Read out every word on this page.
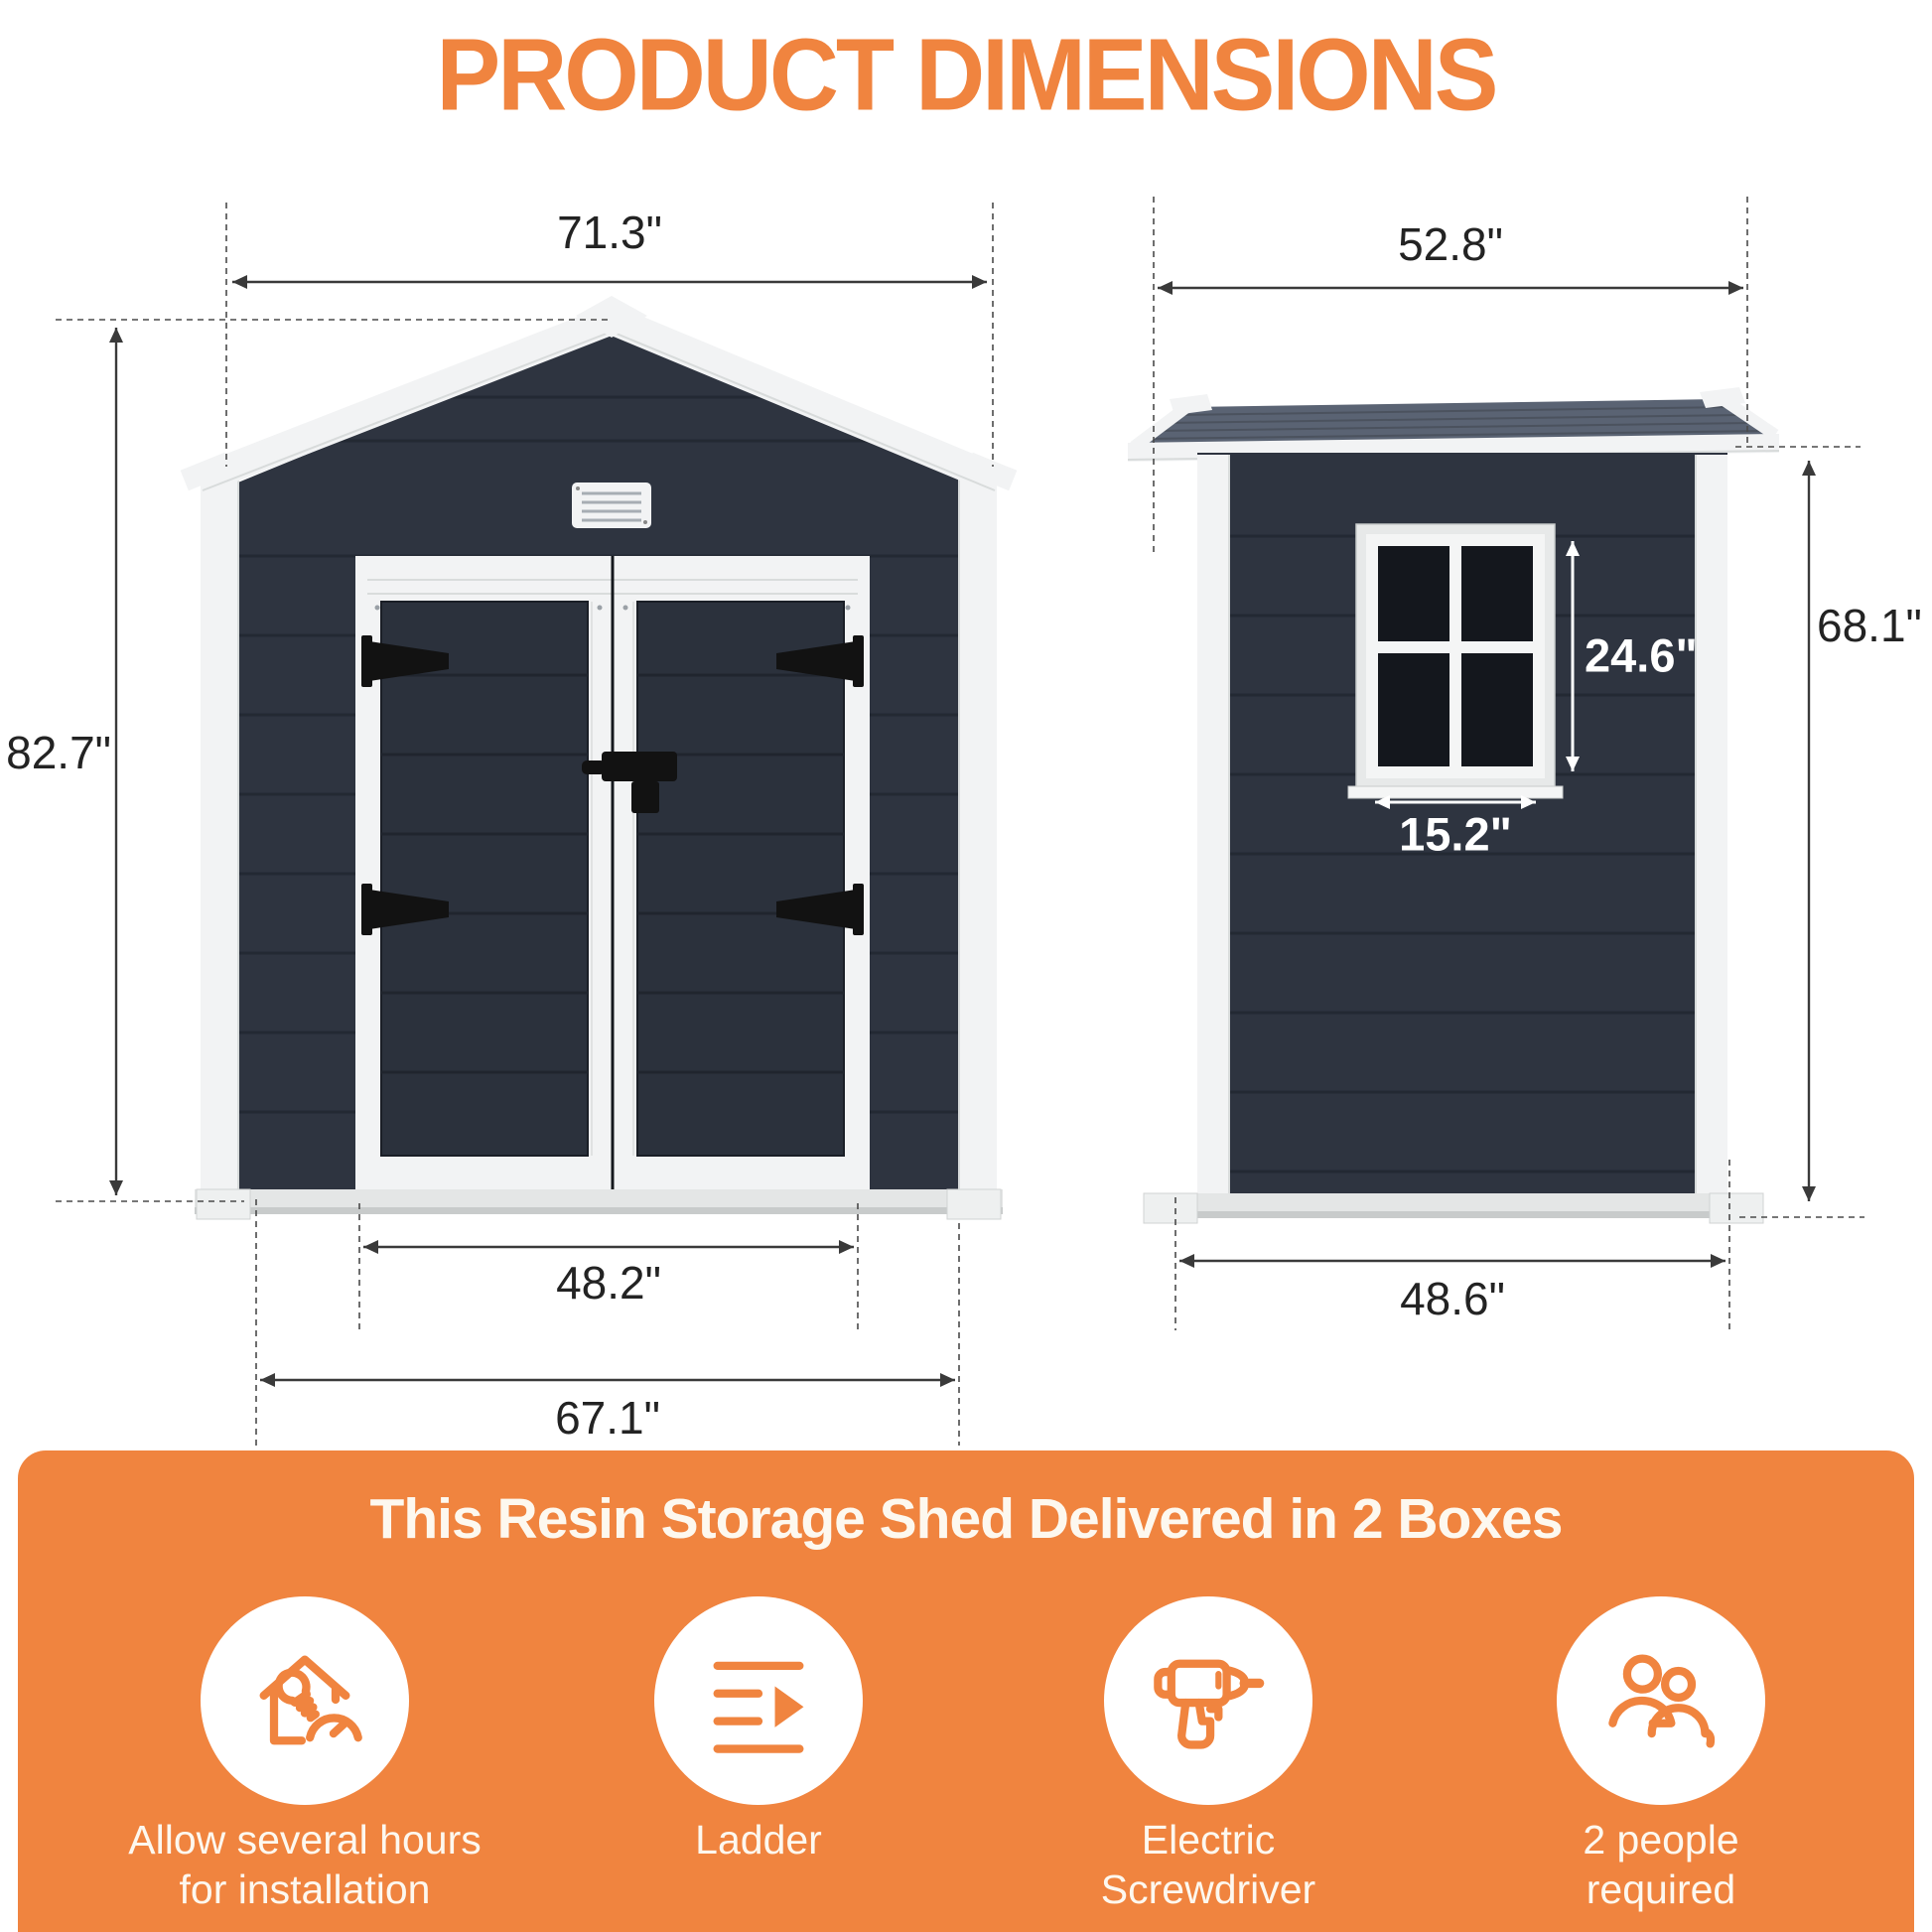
PRODUCT DIMENSIONS
71.3"
82.7"
48.2"
67.1"
52.8"
24.6"
15.2"
68.1"
48.6"
This Resin Storage Shed Delivered in 2 Boxes
Allow several hours
for installation
Ladder	Electric
Screwdriver
2 people
required
